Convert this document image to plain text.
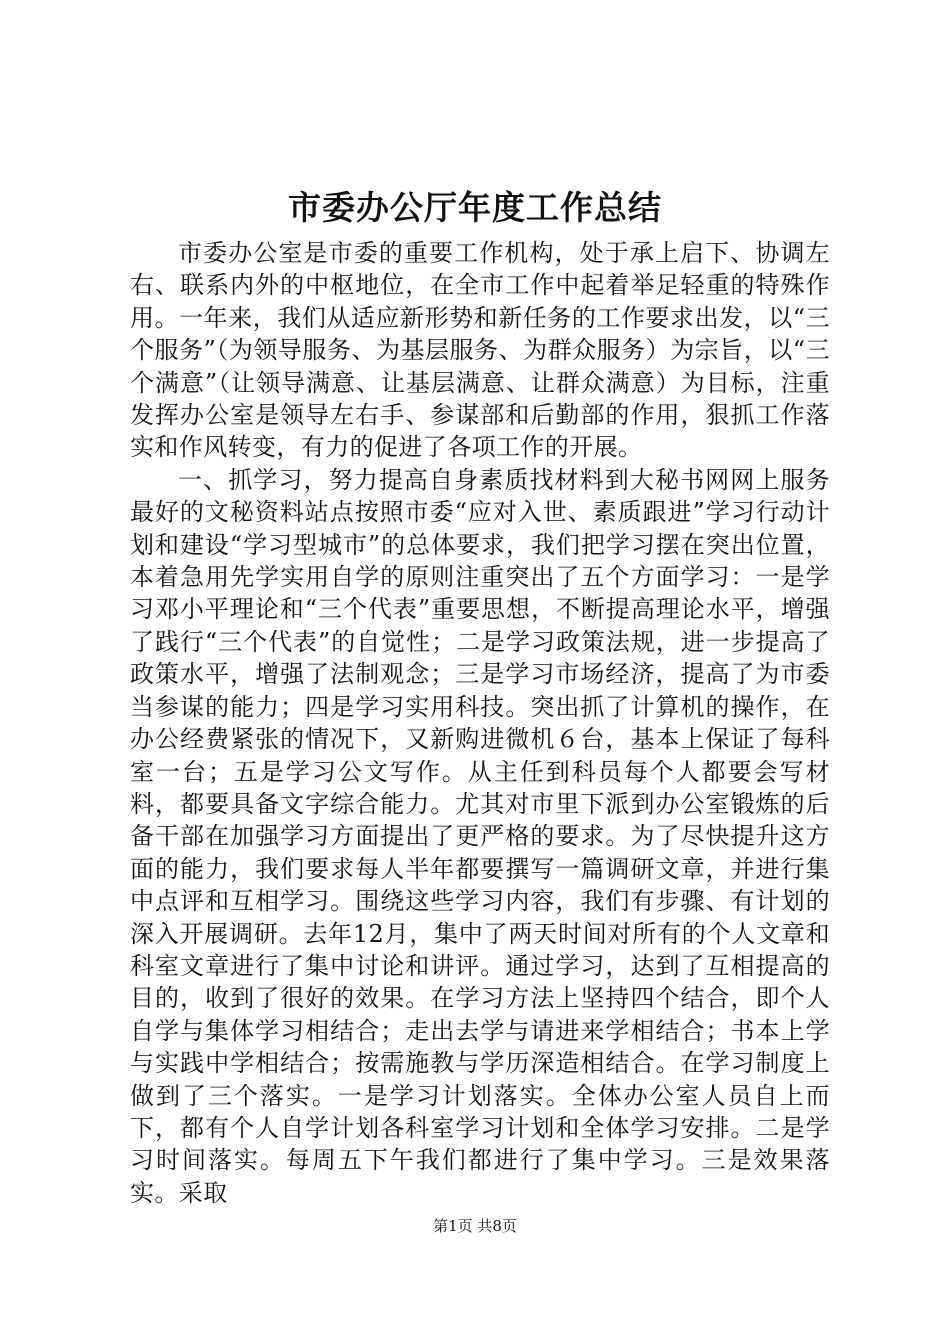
市委办公厅年度工作总结

市委办公室是市委的重要工作机构，处于承上启下、协调左右、联系内外的中枢地位，在全市工作中起着举足轻重的特殊作用。一年来，我们从适应新形势和新任务的工作要求出发，以“三个服务”（为领导服务、为基层服务、为群众服务）为宗旨，以“三个满意”（让领导满意、让基层满意、让群众满意）为目标，注重发挥办公室是领导左右手、参谋部和后勤部的作用，狠抓工作落实和作风转变，有力的促进了各项工作的开展。

一、抓学习，努力提高自身素质找材料到大秘书网网上服务最好的文秘资料站点按照市委“应对入世、素质跟进”学习行动计划和建设“学习型城市”的总体要求，我们把学习摆在突出位置，本着急用先学实用自学的原则注重突出了五个方面学习：一是学习邓小平理论和“三个代表”重要思想，不断提高理论水平，增强了践行“三个代表”的自觉性；二是学习政策法规，进一步提高了政策水平，增强了法制观念；三是学习市场经济，提高了为市委当参谋的能力；四是学习实用科技。突出抓了计算机的操作，在办公经费紧张的情况下，又新购进微机６台，基本上保证了每科室一台；五是学习公文写作。从主任到科员每个人都要会写材料，都要具备文字综合能力。尤其对市里下派到办公室锻炼的后备干部在加强学习方面提出了更严格的要求。为了尽快提升这方面的能力，我们要求每人半年都要撰写一篇调研文章，并进行集中点评和互相学习。围绕这些学习内容，我们有步骤、有计划的深入开展调研。去年12月，集中了两天时间对所有的个人文章和科室文章进行了集中讨论和讲评。通过学习，达到了互相提高的目的，收到了很好的效果。在学习方法上坚持四个结合，即个人自学与集体学习相结合；走出去学与请进来学相结合；书本上学与实践中学相结合；按需施教与学历深造相结合。在学习制度上做到了三个落实。一是学习计划落实。全体办公室人员自上而下，都有个人自学计划各科室学习计划和全体学习安排。二是学习时间落实。每周五下午我们都进行了集中学习。三是效果落实。采取

第1页 共8页
